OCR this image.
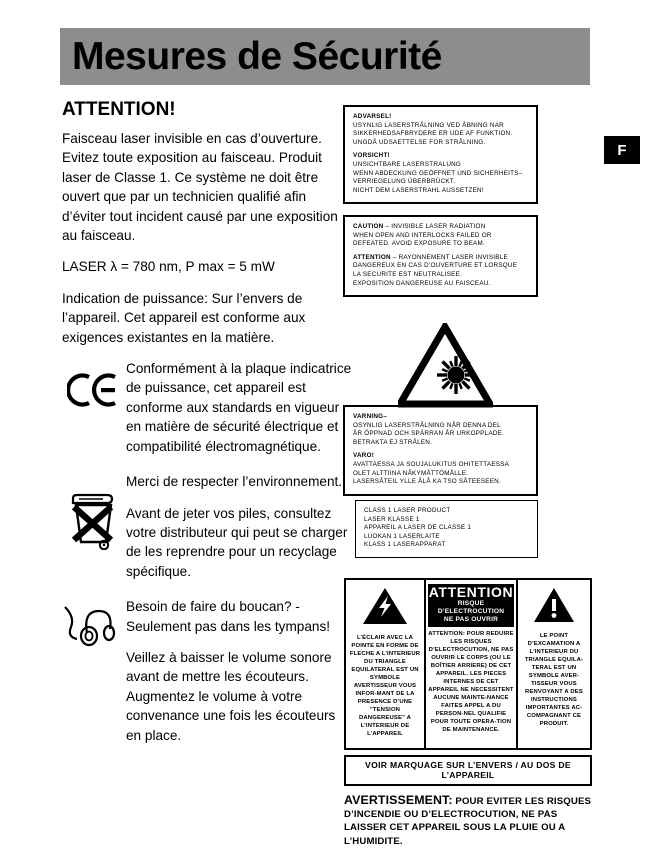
Mesures de Sécurité
F
ATTENTION!

Faisceau laser invisible en cas d’ouverture. Evitez toute exposition au faisceau. Produit laser de Classe 1. Ce système ne doit être ouvert que par un technicien qualifié afin d’éviter tout incident causé par une exposition au faisceau.

LASER λ = 780 nm, P max = 5 mW

Indication de puissance: Sur l’envers de l’appareil. Cet appareil est conforme aux exigences existantes en la matière.

Conformément à la plaque indicatrice de puissance, cet appareil est conforme aux standards en vigueur en matière de sécurité électrique et compatibilité électromagnétique.

Merci de respecter l’environnement.

Avant de jeter vos piles, consultez votre distributeur qui peut se charger de les reprendre pour un recyclage spécifique.

Besoin de faire du boucan? - Seulement pas dans les tympans!

Veillez à baisser le volume sonore avant de mettre les écouteurs. Augmentez le volume à votre convenance une fois les écouteurs en place.

ADVARSEL!
USYNLIG LASERSTRÅLNING VED ÅBNING NAR
SIKKERHEDSAFBRYDERE ER UDE AF FUNKTION.
UNGDÅ UDSAETTELSE FOR STRÅLNING.
VORSICHT!
UNSICHTBARE LASERSTRALUNG
WENN ABDECKUNG GEÖFFNET UND SICHERHEITS–
VERRIEGELUNG ÜBERBRÜCKT.
NICHT DEM LASERSTRAHL AUSSETZEN!
CAUTION – INVISIBLE LASER RADIATION
WHEN OPEN AND INTERLOCKS FAILED OR
DEFEATED. AVOID EXPOSURE TO BEAM.
ATTENTION – RAYONNEMENT LASER INVISIBLE
DANGEREUX EN CAS D’OUVERTURE ET LORSQUE
LA SECURITE EST NEUTRALISEE.
EXPOSITION DANGEREUSE AU FAISCEAU.
VARNING–
OSYNLIG LASERSTRÅLNING NÅR DENNA DEL
ÅR ÖPPNAD OCH SPÄRRAN ÅR URKOPPLADE.
BETRAKTA EJ STRÅLEN.
VARO!
AVATTAESSA JA SOUJALUKITUS OHITETTAESSA
OLET ALTTIINA NÅKYMÅTTÖMÅLLE.
LASERSÅTEIL YLLE ÅLÅ KA TSO SÅTEESEEN.
CLASS 1 LASER PRODUCT
LASER KLASSE 1
APPAREIL A LASER DE CLASSE 1
LUOKAN 1 LASERLAITE
KLASS 1 LASERAPPARAT
L’ÉCLAIR AVEC LA POINTE EN FORME DE FLECHE A L’INTERIEUR DU TRIANGLE EQUILATERAL EST UN SYMBOLE AVERTISSEUR VOUS INFOR-MANT DE LA PRESENCE D’UNE "TENSION DANGEREUSE" A L’INTERIEUR DE L’APPAREIL
ATTENTION
RISQUE D’ELECTROCUTION
NE PAS OUVRIR
ATTENTION: POUR REDUIRE LES RISQUES D’ELECTROCUTION, NE PAS OUVRIR LE CORPS (OU LE BOÎTIER ARRIERE) DE CET APPAREIL. LES PIECES INTERNES DE CET APPAREIL NE NECESSITENT AUCUNE MAINTE-NANCE FAITES APPEL A DU PERSON-NEL QUALIFIE POUR TOUTE OPERA-TION DE MAINTENANCE.
LE POINT D’EXCAMATION A L’INTERIEUR DU TRIANGLE EQUILA-TERAL EST UN SYMBOLE AVER-TISSEUR VOUS RENVOYANT A DES INSTRUCTIONS IMPORTANTES AC-COMPAGNANT CE PRODUIT.
VOIR MARQUAGE SUR L’ENVERS / AU DOS DE L’APPAREIL
AVERTISSEMENT: POUR EVITER LES RISQUES D’INCENDIE OU D’ELECTROCUTION, NE PAS LAISSER CET APPAREIL SOUS LA PLUIE OU A L’HUMIDITE.
